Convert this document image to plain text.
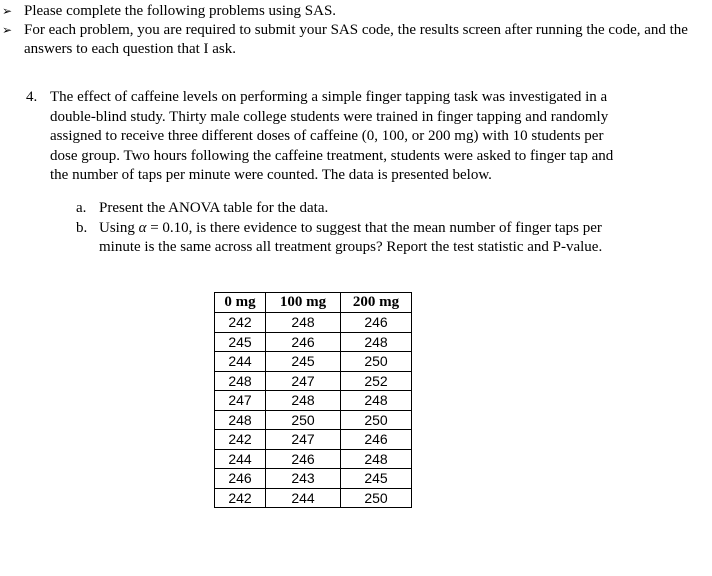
➢ Please complete the following problems using SAS.
➢ For each problem, you are required to submit your SAS code, the results screen after running the code, and the answers to each question that I ask.
4. The effect of caffeine levels on performing a simple finger tapping task was investigated in a double-blind study. Thirty male college students were trained in finger tapping and randomly assigned to receive three different doses of caffeine (0, 100, or 200 mg) with 10 students per dose group. Two hours following the caffeine treatment, students were asked to finger tap and the number of taps per minute were counted. The data is presented below.
a. Present the ANOVA table for the data.
b. Using α = 0.10, is there evidence to suggest that the mean number of finger taps per minute is the same across all treatment groups? Report the test statistic and P-value.
0 mg	100 mg	200 mg
242	248	246
245	246	248
244	245	250
248	247	252
247	248	248
248	250	250
242	247	246
244	246	248
246	243	245
242	244	250
